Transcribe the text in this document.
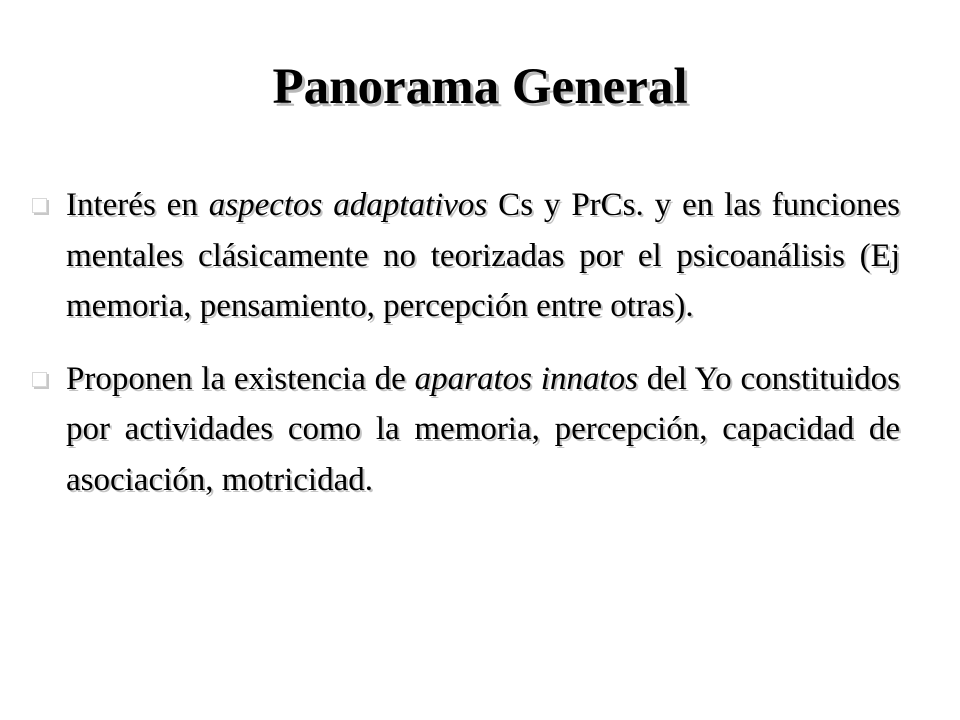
Panorama General
Interés en aspectos adaptativos Cs y PrCs. y en las funciones mentales clásicamente no teorizadas por el psicoanálisis (Ej memoria, pensamiento, percepción entre otras).
Proponen la existencia de aparatos innatos del Yo constituidos por actividades como la memoria, percepción, capacidad de asociación, motricidad.
